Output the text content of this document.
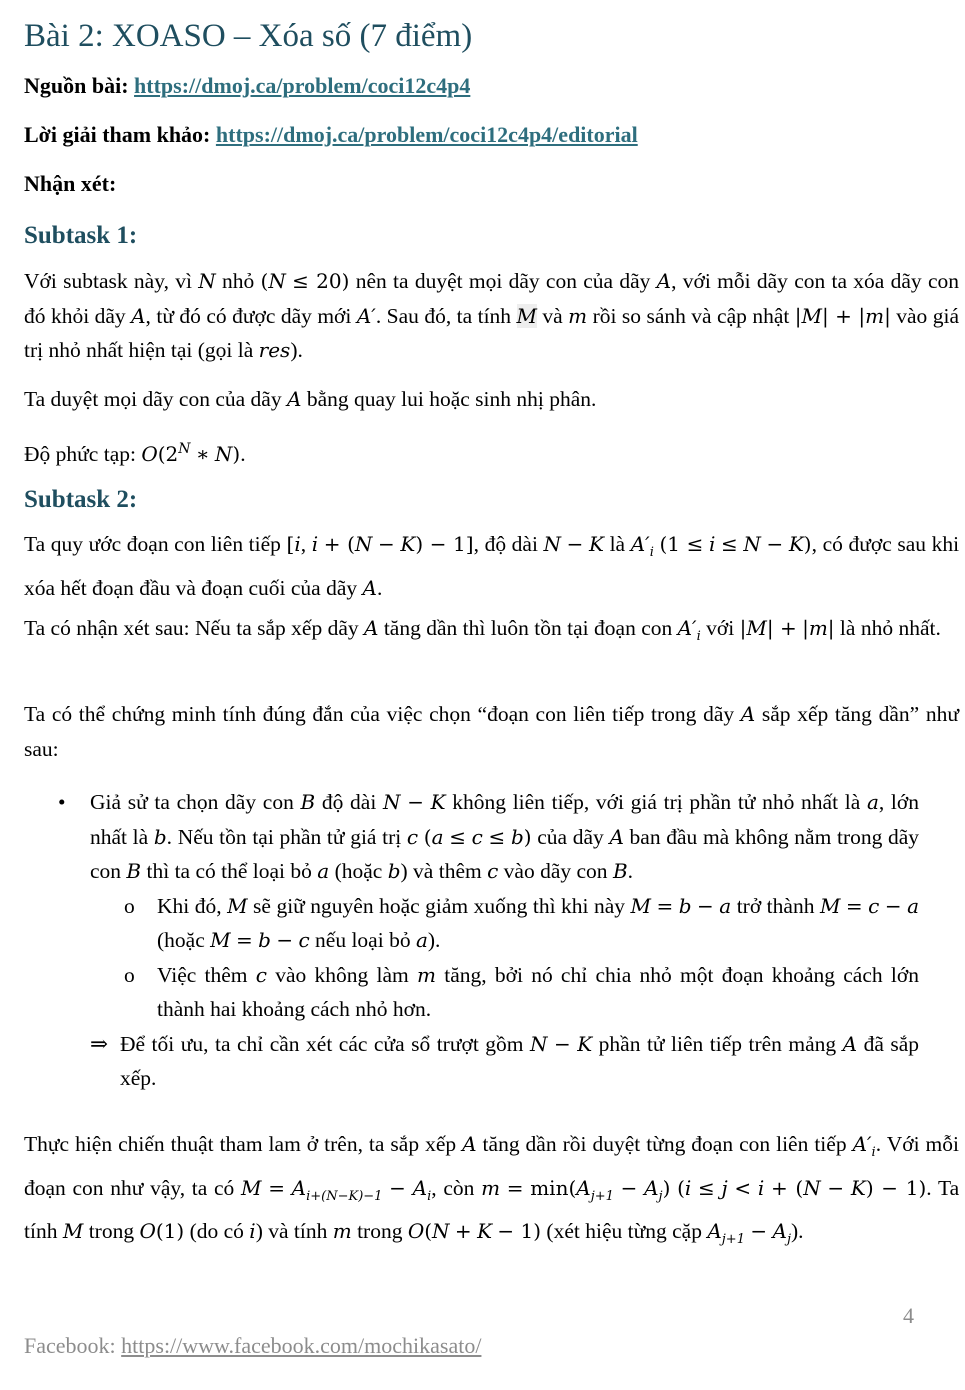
Bài 2: XOASO – Xóa số (7 điểm)
Nguồn bài: https://dmoj.ca/problem/coci12c4p4
Lời giải tham khảo: https://dmoj.ca/problem/coci12c4p4/editorial
Nhận xét:
Subtask 1:

Với subtask này, vì N nhỏ (N ≤ 20) nên ta duyệt mọi dãy con của dãy A, với mỗi dãy con ta xóa dãy con đó khỏi dãy A, từ đó có được dãy mới A′. Sau đó, ta tính M và m rồi so sánh và cập nhật |M| + |m| vào giá trị nhỏ nhất hiện tại (gọi là res).

Ta duyệt mọi dãy con của dãy A bằng quay lui hoặc sinh nhị phân.

Độ phức tạp: $O(2^N$ ∗ N).

Subtask 2:

Ta quy ước đoạn con liên tiếp [i, i + (N − K) − 1], độ dài N − K là $A'_i$ (1 ≤ i ≤ N − K), có được sau khi xóa hết đoạn đầu và đoạn cuối của dãy A.

Ta có nhận xét sau: Nếu ta sắp xếp dãy A tăng dần thì luôn tồn tại đoạn con $A'_i$ với |M| + |m| là nhỏ nhất.

Ta có thể chứng minh tính đúng đắn của việc chọn “đoạn con liên tiếp trong dãy A sắp xếp tăng dần” như sau:

• Giả sử ta chọn dãy con B độ dài N − K không liên tiếp, với giá trị phần tử nhỏ nhất là a, lớn nhất là b. Nếu tồn tại phần tử giá trị c (a ≤ c ≤ b) của dãy A ban đầu mà không nằm trong dãy con B thì ta có thể loại bỏ a (hoặc b) và thêm c vào dãy con B.
o Khi đó, M sẽ giữ nguyên hoặc giảm xuống thì khi này M = b − a trở thành M = c − a (hoặc M = b − c nếu loại bỏ a).
o Việc thêm c vào không làm m tăng, bởi nó chỉ chia nhỏ một đoạn khoảng cách lớn thành hai khoảng cách nhỏ hơn.
⇒ Để tối ưu, ta chỉ cần xét các cửa sổ trượt gồm N − K phần tử liên tiếp trên mảng A đã sắp xếp.

Thực hiện chiến thuật tham lam ở trên, ta sắp xếp A tăng dần rồi duyệt từng đoạn con liên tiếp $A'_i$. Với mỗi đoạn con như vậy, ta có $M = A_{i+(N-K)-1} - A_i$, còn $m = \min(A_{j+1} - A_j) (i \le j < i + (N - K) - 1)$. Ta tính M trong O(1) (do có i) và tính m trong O(N + K − 1) (xét hiệu từng cặp $A_{j+1} - A_j$).

4
Facebook: https://www.facebook.com/mochikasato/
